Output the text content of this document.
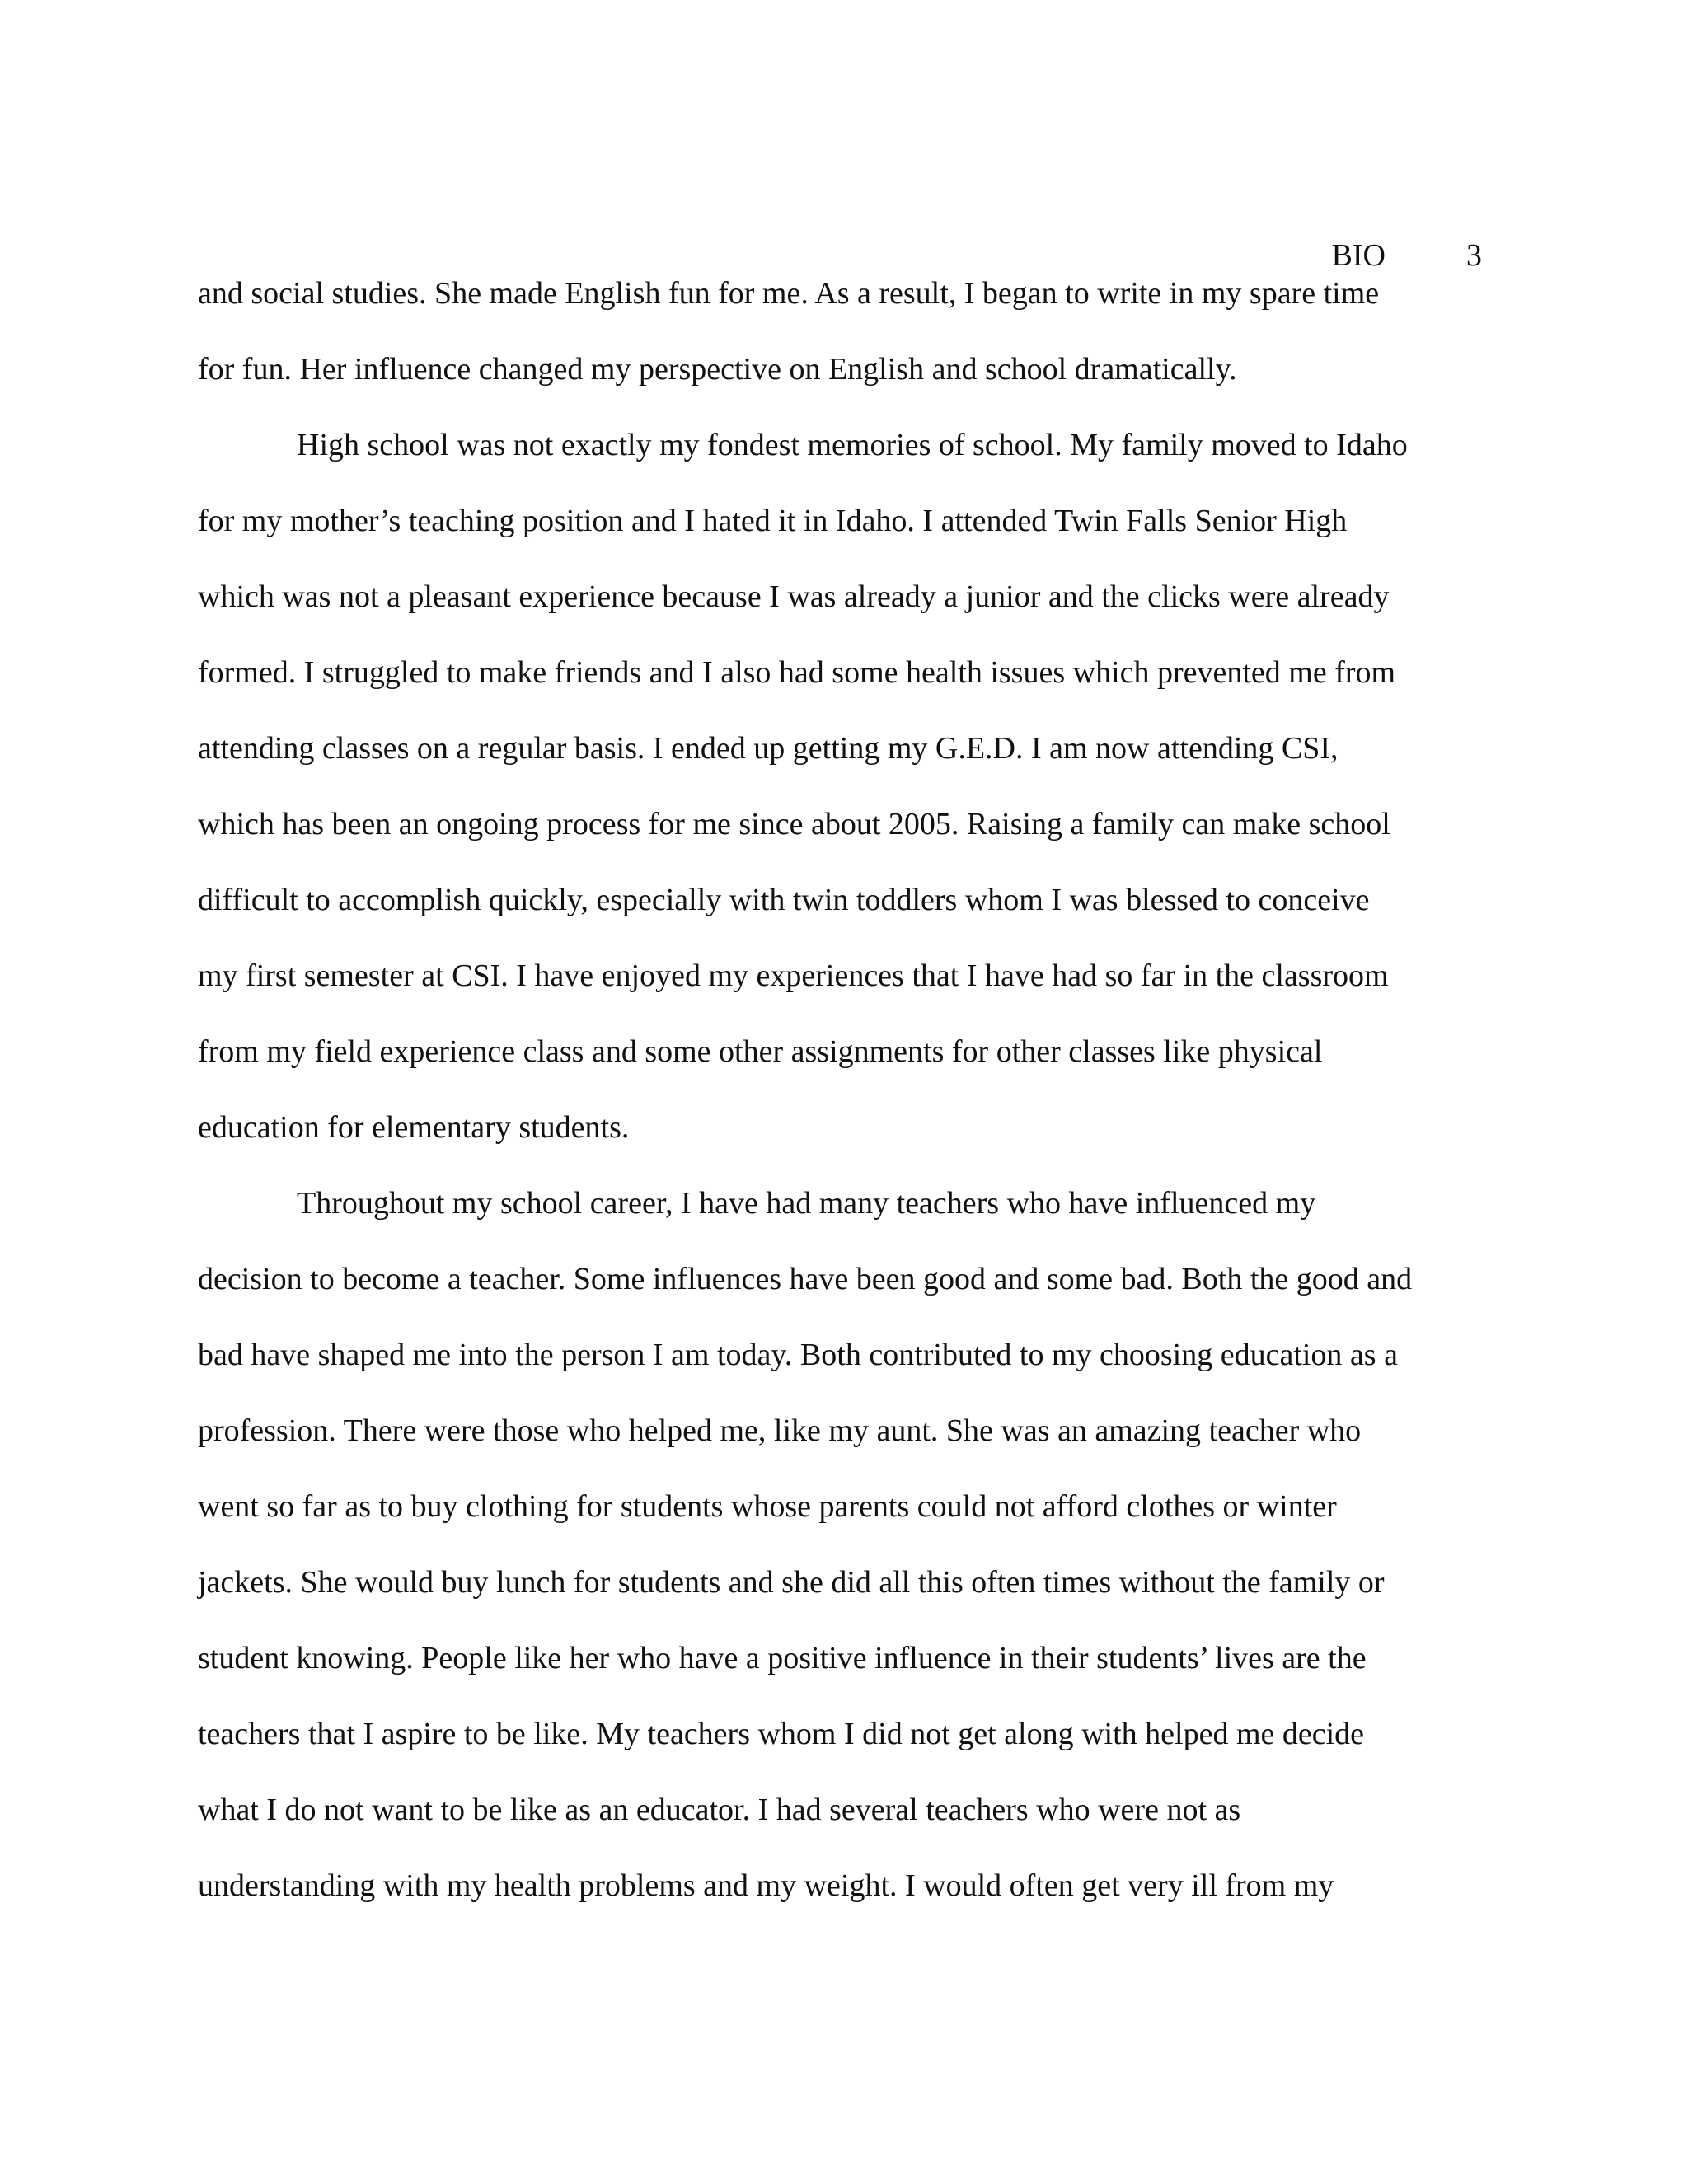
BIO	3
and social studies. She made English fun for me. As a result, I began to write in my spare time
for fun. Her influence changed my perspective on English and school dramatically.
High school was not exactly my fondest memories of school. My family moved to Idaho
for my mother’s teaching position and I hated it in Idaho. I attended Twin Falls Senior High
which was not a pleasant experience because I was already a junior and the clicks were already
formed. I struggled to make friends and I also had some health issues which prevented me from
attending classes on a regular basis. I ended up getting my G.E.D. I am now attending CSI,
which has been an ongoing process for me since about 2005. Raising a family can make school
difficult to accomplish quickly, especially with twin toddlers whom I was blessed to conceive
my first semester at CSI. I have enjoyed my experiences that I have had so far in the classroom
from my field experience class and some other assignments for other classes like physical
education for elementary students.
Throughout my school career, I have had many teachers who have influenced my
decision to become a teacher. Some influences have been good and some bad. Both the good and
bad have shaped me into the person I am today. Both contributed to my choosing education as a
profession. There were those who helped me, like my aunt. She was an amazing teacher who
went so far as to buy clothing for students whose parents could not afford clothes or winter
jackets. She would buy lunch for students and she did all this often times without the family or
student knowing. People like her who have a positive influence in their students’ lives are the
teachers that I aspire to be like. My teachers whom I did not get along with helped me decide
what I do not want to be like as an educator. I had several teachers who were not as
understanding with my health problems and my weight. I would often get very ill from my
